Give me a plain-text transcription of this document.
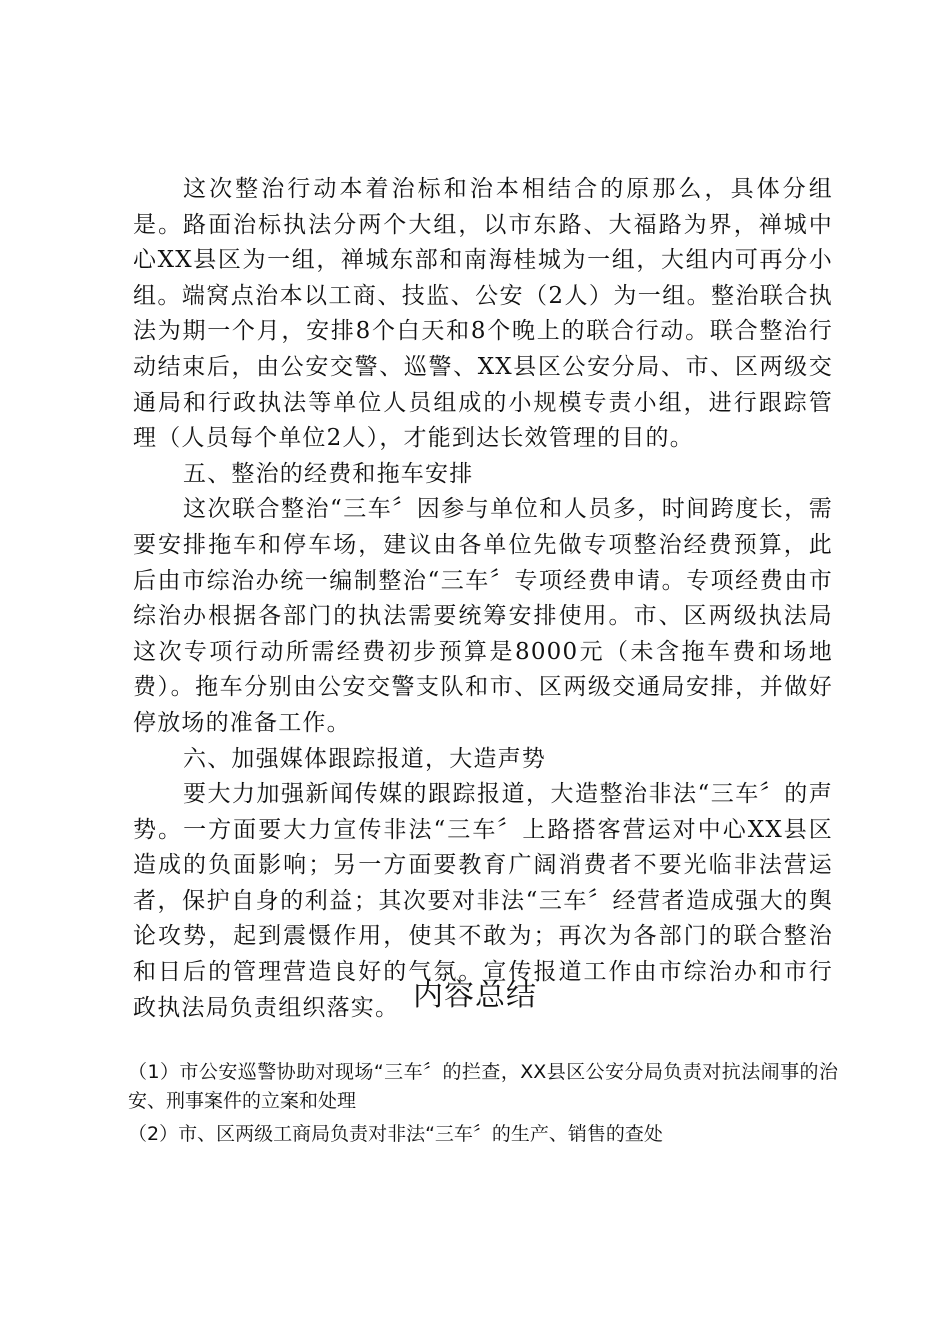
这次整治行动本着治标和治本相结合的原那么，具体分组是。路面治标执法分两个大组，以市东路、大福路为界，禅城中心XX县区为一组，禅城东部和南海桂城为一组，大组内可再分小组。端窝点治本以工商、技监、公安（2人）为一组。整治联合执法为期一个月，安排8个白天和8个晚上的联合行动。联合整治行动结束后，由公安交警、巡警、XX县区公安分局、市、区两级交通局和行政执法等单位人员组成的小规模专责小组，进行跟踪管理（人员每个单位2人），才能到达长效管理的目的。

五、整治的经费和拖车安排

这次联合整治“三车〞因参与单位和人员多，时间跨度长，需要安排拖车和停车场，建议由各单位先做专项整治经费预算，此后由市综治办统一编制整治“三车〞专项经费申请。专项经费由市综治办根据各部门的执法需要统筹安排使用。市、区两级执法局这次专项行动所需经费初步预算是8000元（未含拖车费和场地费）。拖车分别由公安交警支队和市、区两级交通局安排，并做好停放场的准备工作。

六、加强媒体跟踪报道，大造声势

要大力加强新闻传媒的跟踪报道，大造整治非法“三车〞的声势。一方面要大力宣传非法“三车〞上路搭客营运对中心XX县区造成的负面影响；另一方面要教育广阔消费者不要光临非法营运者，保护自身的利益；其次要对非法“三车〞经营者造成强大的舆论攻势，起到震慑作用，使其不敢为；再次为各部门的联合整治和日后的管理营造良好的气氛。宣传报道工作由市综治办和市行政执法局负责组织落实。 内容总结

（1）市公安巡警协助对现场“三车〞的拦查，XX县区公安分局负责对抗法闹事的治安、刑事案件的立案和处理

（2）市、区两级工商局负责对非法“三车〞的生产、销售的查处
